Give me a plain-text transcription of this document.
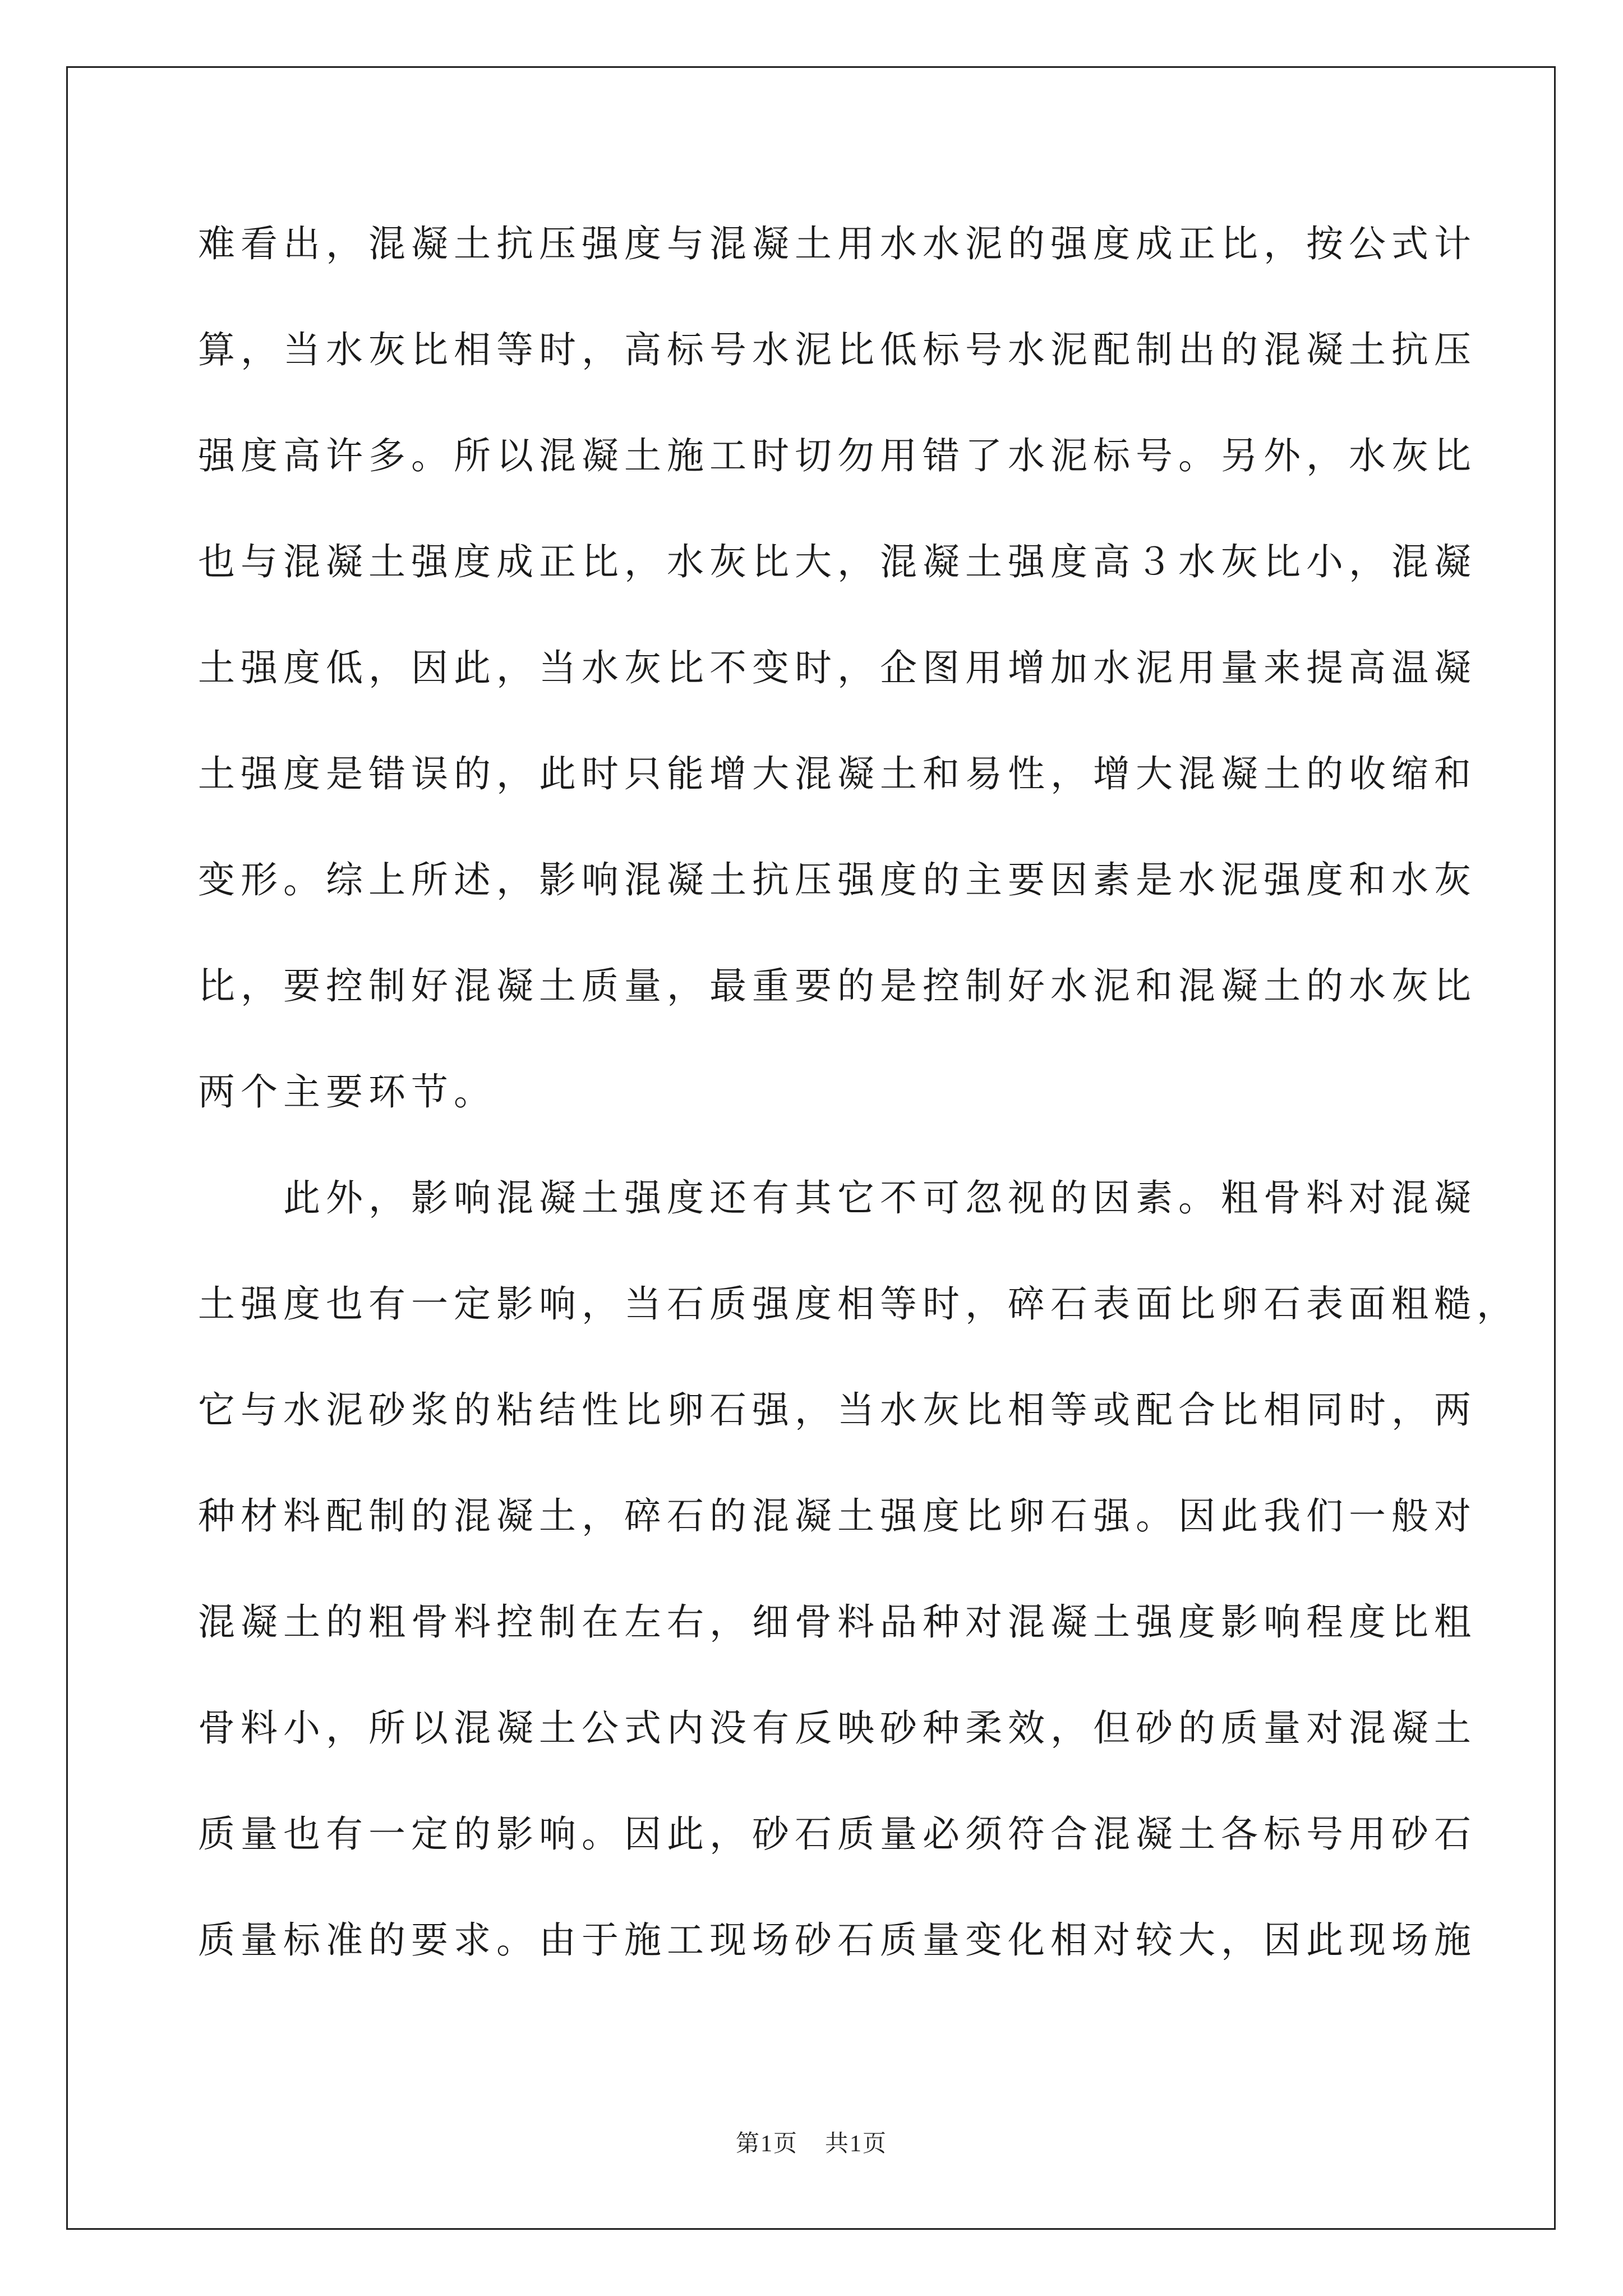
难看出，混凝土抗压强度与混凝土用水水泥的强度成正比，按公式计
算，当水灰比相等时，高标号水泥比低标号水泥配制出的混凝土抗压
强度高许多。所以混凝土施工时切勿用错了水泥标号。另外，水灰比
也与混凝土强度成正比，水灰比大，混凝土强度高３水灰比小，混凝
土强度低，因此，当水灰比不变时，企图用增加水泥用量来提高温凝
土强度是错误的，此时只能增大混凝土和易性，增大混凝土的收缩和
变形。综上所述，影响混凝土抗压强度的主要因素是水泥强度和水灰
比，要控制好混凝土质量，最重要的是控制好水泥和混凝土的水灰比
两个主要环节。
此外，影响混凝土强度还有其它不可忽视的因素。粗骨料对混凝
土强度也有一定影响，当石质强度相等时，碎石表面比卵石表面粗糙，
它与水泥砂浆的粘结性比卵石强，当水灰比相等或配合比相同时，两
种材料配制的混凝土，碎石的混凝土强度比卵石强。因此我们一般对
混凝土的粗骨料控制在左右，细骨料品种对混凝土强度影响程度比粗
骨料小，所以混凝土公式内没有反映砂种柔效，但砂的质量对混凝土
质量也有一定的影响。因此，砂石质量必须符合混凝土各标号用砂石
质量标准的要求。由于施工现场砂石质量变化相对较大，因此现场施
第1页 共1页
